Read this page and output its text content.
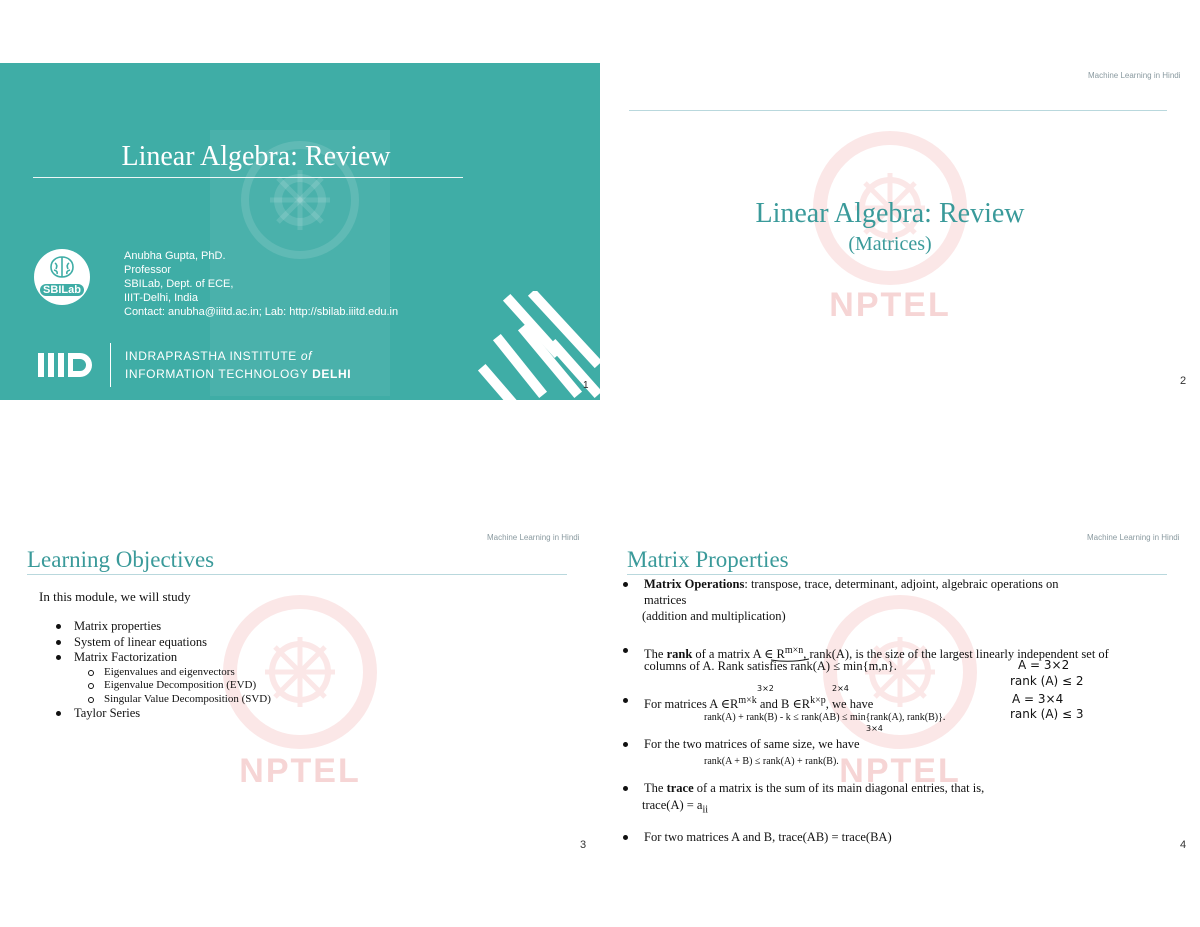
Linear Algebra: Review
SBILab
Anubha Gupta, PhD.
Professor
SBILab, Dept. of ECE,
IIIT-Delhi, India
Contact: anubha@iiitd.ac.in; Lab: http://sbilab.iiitd.edu.in
INDRAPRASTHA INSTITUTE of
INFORMATION TECHNOLOGY DELHI
1
Machine Learning in Hindi
NPTEL
Linear Algebra: Review
(Matrices)
2
Machine Learning in Hindi
Learning Objectives
NPTEL
In this module, we will study
Matrix properties
System of linear equations
Matrix Factorization
Eigenvalues and eigenvectors
Eigenvalue Decomposition (EVD)
Singular Value Decomposition (SVD)
Taylor Series
3
Machine Learning in Hindi
Matrix Properties
NPTEL
Matrix Operations: transpose, trace, determinant, adjoint, algebraic operations on
matrices
(addition and multiplication)
The rank of a matrix A ∈ $R^{m\times n}$, rank(A), is the size of the largest linearly independent set of
columns of A. Rank satisfies rank(A) ≤ min{m,n}.
For matrices A $\in R^{m\times k}$ and B $\in R^{k\times p}$, we have
rank(A) + rank(B) - k ≤ rank(AB) ≤ min{rank(A), rank(B)}.
For the two matrices of same size, we have
rank(A + B) ≤ rank(A) + rank(B).
The trace of a matrix is the sum of its main diagonal entries, that is,
trace(A) = $a_{ii}$
For two matrices A and B, trace(AB) = trace(BA)
A = 3×2
rank (A) ≤ 2
A = 3×4
rank (A) ≤ 3
3×2	2×4
3×4
4
